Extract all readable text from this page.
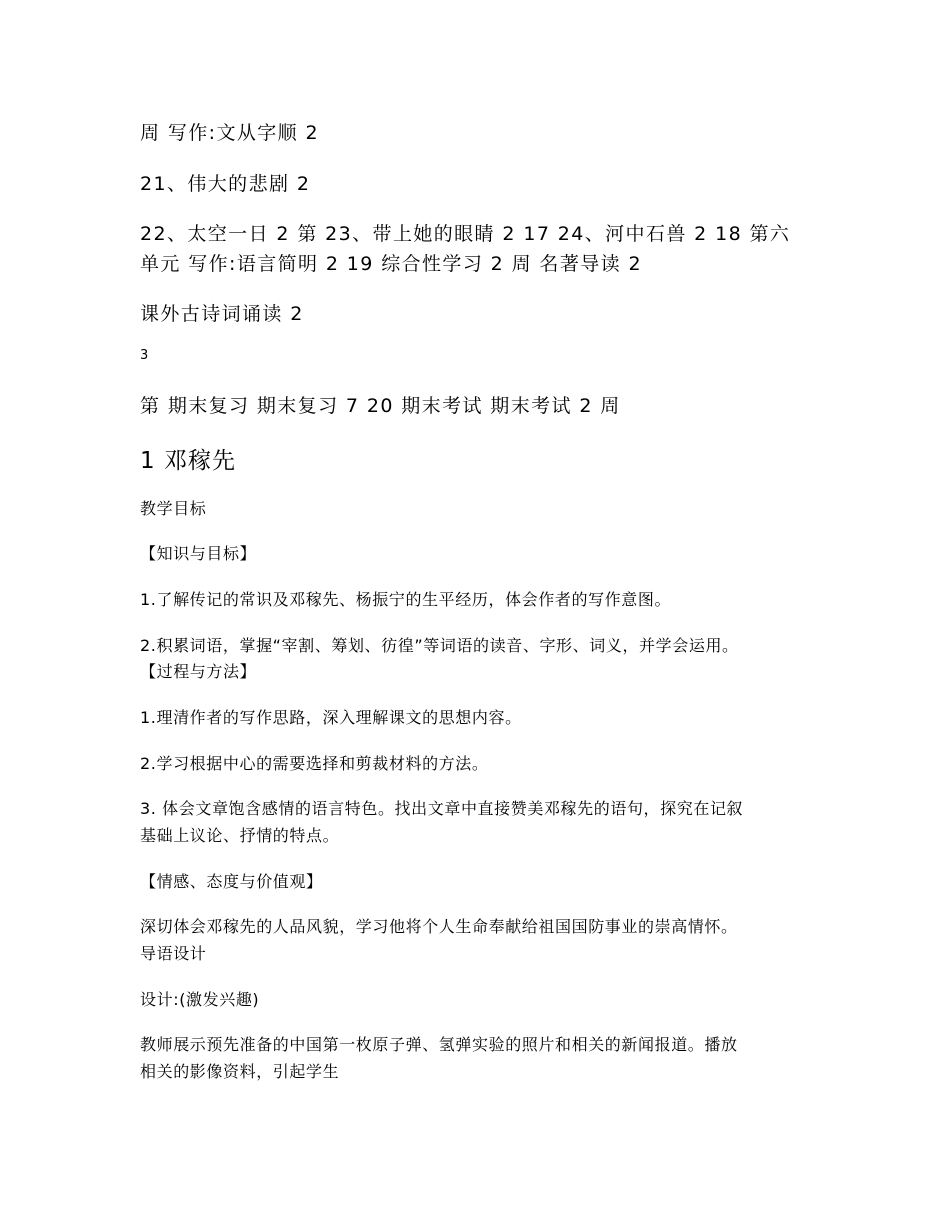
周 写作:文从字顺 2
21、伟大的悲剧 2
22、太空一日 2 第 23、带上她的眼睛 2 17 24、河中石兽 2 18 第六
单元 写作:语言简明 2 19 综合性学习 2 周 名著导读 2
课外古诗词诵读 2
3
第 期末复习 期末复习 7 20 期末考试 期末考试 2 周
1 邓稼先
教学目标
【知识与目标】
1.了解传记的常识及邓稼先、杨振宁的生平经历，体会作者的写作意图。
2.积累词语，掌握“宰割、筹划、彷徨”等词语的读音、字形、词义，并学会运用。
【过程与方法】
1.理清作者的写作思路，深入理解课文的思想内容。
2.学习根据中心的需要选择和剪裁材料的方法。
3. 体会文章饱含感情的语言特色。找出文章中直接赞美邓稼先的语句，探究在记叙
基础上议论、抒情的特点。
【情感、态度与价值观】
深切体会邓稼先的人品风貌，学习他将个人生命奉献给祖国国防事业的崇高情怀。
导语设计
设计:(激发兴趣)
教师展示预先准备的中国第一枚原子弹、氢弹实验的照片和相关的新闻报道。播放
相关的影像资料，引起学生
